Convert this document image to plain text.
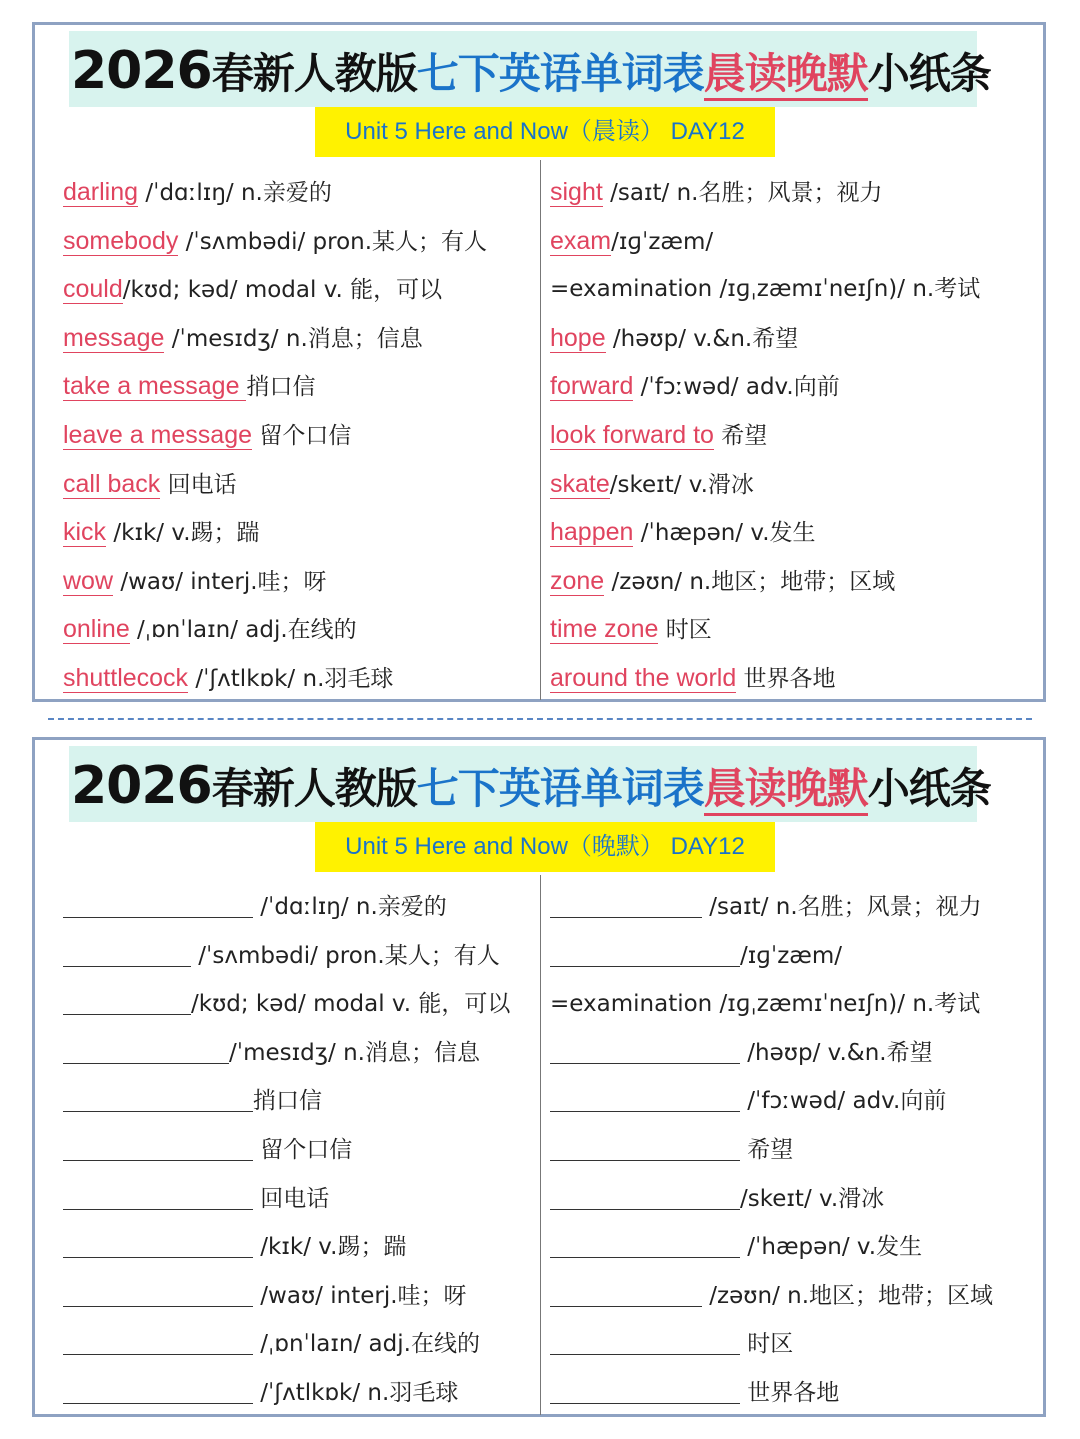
2026春新人教版七下英语单词表晨读晚默小纸条
Unit 5 Here and Now（晨读） DAY12
darling /ˈdɑːlɪŋ/ n.亲爱的
somebody /ˈsʌmbədi/ pron.某人；有人
could/kʊd; kəd/ modal v. 能，可以
message /ˈmesɪdʒ/ n.消息；信息
take a message 捎口信
leave a message 留个口信
call back 回电话
kick /kɪk/ v.踢；踹
wow /waʊ/ interj.哇；呀
online /ˌɒnˈlaɪn/ adj.在线的
shuttlecock /ˈʃʌtlkɒk/ n.羽毛球
sight /saɪt/ n.名胜；风景；视力
exam/ɪɡˈzæm/
=examination /ɪɡˌzæmɪˈneɪʃn)/ n.考试
hope /həʊp/ v.&n.希望
forward /ˈfɔːwəd/ adv.向前
look forward to 希望
skate/skeɪt/ v.滑冰
happen /ˈhæpən/ v.发生
zone /zəʊn/ n.地区；地带；区域
time zone 时区
around the world 世界各地
2026春新人教版七下英语单词表晨读晚默小纸条
Unit 5 Here and Now（晚默） DAY12
/ˈdɑːlɪŋ/ n.亲爱的
/ˈsʌmbədi/ pron.某人；有人
/kʊd; kəd/ modal v. 能，可以
/ˈmesɪdʒ/ n.消息；信息
捎口信
留个口信
回电话
/kɪk/ v.踢；踹
/waʊ/ interj.哇；呀
/ˌɒnˈlaɪn/ adj.在线的
/ˈʃʌtlkɒk/ n.羽毛球
/saɪt/ n.名胜；风景；视力
/ɪɡˈzæm/
=examination /ɪɡˌzæmɪˈneɪʃn)/ n.考试
/həʊp/ v.&n.希望
/ˈfɔːwəd/ adv.向前
希望
/skeɪt/ v.滑冰
/ˈhæpən/ v.发生
/zəʊn/ n.地区；地带；区域
时区
世界各地
